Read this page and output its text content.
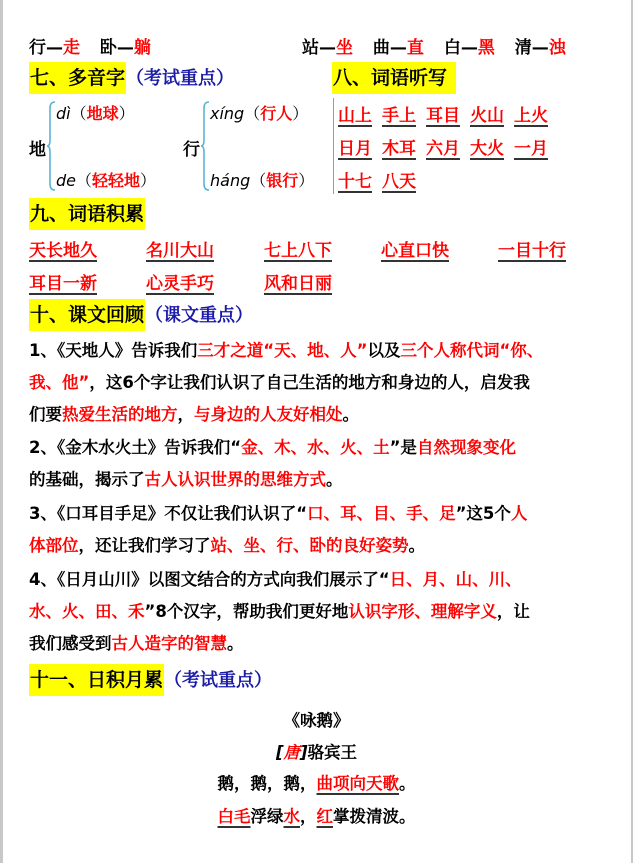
行—走 卧—躺	站—坐 曲—直 白—黑 清—浊
七、多音字（考试重点）	八、词语听写
地
dì（地球）
de（轻轻地）
行
xíng（行人）
háng（银行）
山上 手上 耳目 火山 上火
日月 木耳 六月 大火 一月
十七 八天
九、词语积累
天长地久	名川大山	七上八下	心直口快	一目十行
耳目一新	心灵手巧	风和日丽
十、课文回顾（课文重点）
1、《天地人》告诉我们三才之道“天、地、人”以及三个人称代词“你、
我、他”，这6个字让我们认识了自己生活的地方和身边的人，启发我
们要热爱生活的地方，与身边的人友好相处。
2、《金木水火土》告诉我们“金、木、水、火、土”是自然现象变化
的基础，揭示了古人认识世界的思维方式。
3、《口耳目手足》不仅让我们认识了“口、耳、目、手、足”这5个人
体部位，还让我们学习了站、坐、行、卧的良好姿势。
4、《日月山川》以图文结合的方式向我们展示了“日、月、山、川、
水、火、田、禾”8个汉字，帮助我们更好地认识字形、理解字义，让
我们感受到古人造字的智慧。
十一、日积月累（考试重点）
《咏鹅》
[唐]骆宾王
鹅，鹅，鹅，曲项向天歌。
白毛浮绿水，红掌拨清波。
